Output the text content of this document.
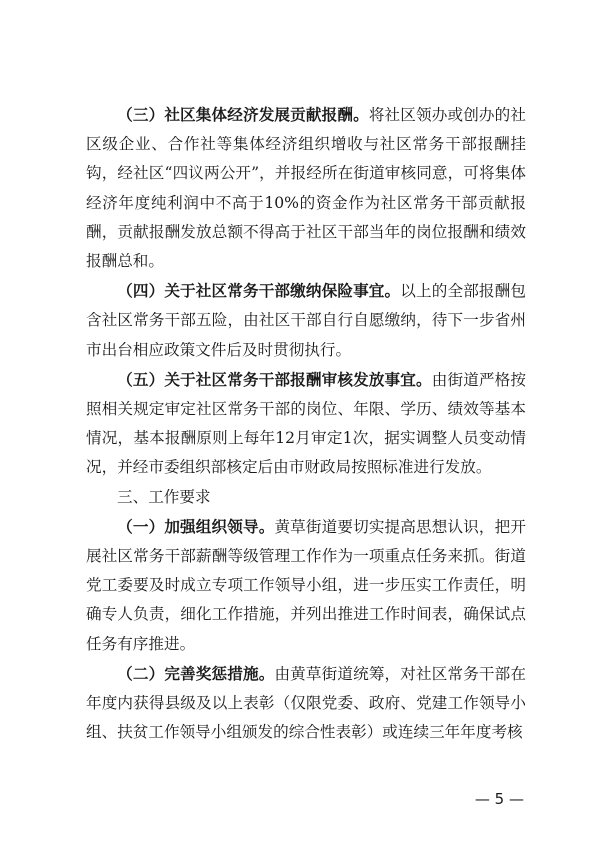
（三）社区集体经济发展贡献报酬。将社区领办或创办的社区级企业、合作社等集体经济组织增收与社区常务干部报酬挂钩，经社区“四议两公开”，并报经所在街道审核同意，可将集体经济年度纯利润中不高于10%的资金作为社区常务干部贡献报酬，贡献报酬发放总额不得高于社区干部当年的岗位报酬和绩效报酬总和。

（四）关于社区常务干部缴纳保险事宜。以上的全部报酬包含社区常务干部五险，由社区干部自行自愿缴纳，待下一步省州市出台相应政策文件后及时贯彻执行。

（五）关于社区常务干部报酬审核发放事宜。由街道严格按照相关规定审定社区常务干部的岗位、年限、学历、绩效等基本情况，基本报酬原则上每年12月审定1次，据实调整人员变动情况，并经市委组织部核定后由市财政局按照标准进行发放。

三、工作要求

（一）加强组织领导。黄草街道要切实提高思想认识，把开展社区常务干部薪酬等级管理工作作为一项重点任务来抓。街道党工委要及时成立专项工作领导小组，进一步压实工作责任，明确专人负责，细化工作措施，并列出推进工作时间表，确保试点任务有序推进。

（二）完善奖惩措施。由黄草街道统筹，对社区常务干部在年度内获得县级及以上表彰（仅限党委、政府、党建工作领导小组、扶贫工作领导小组颁发的综合性表彰）或连续三年年度考核

— 5 —
